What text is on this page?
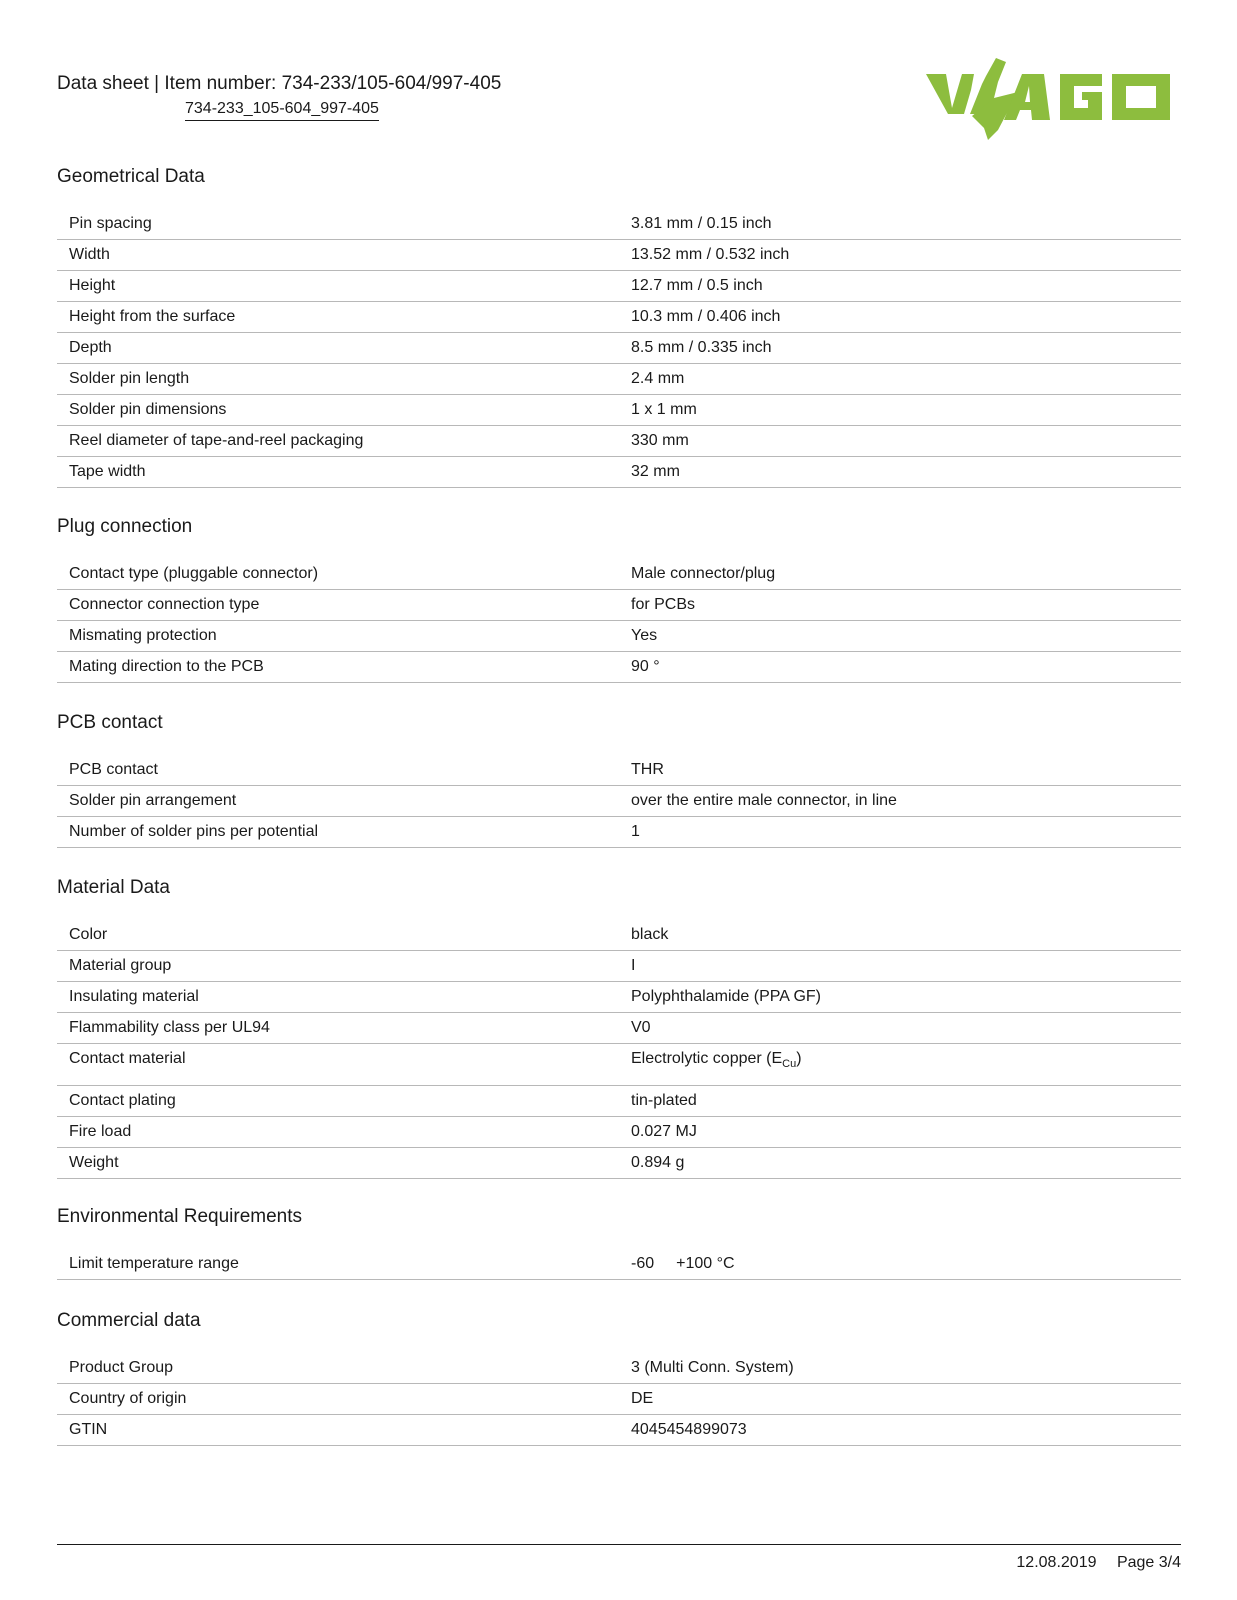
Data sheet | Item number: 734-233/105-604/997-405
734-233_105-604_997-405
Geometrical Data
Pin spacing	3.81 mm / 0.15 inch
Width	13.52 mm / 0.532 inch
Height	12.7 mm / 0.5 inch
Height from the surface	10.3 mm / 0.406 inch
Depth	8.5 mm / 0.335 inch
Solder pin length	2.4 mm
Solder pin dimensions	1 x 1 mm
Reel diameter of tape-and-reel packaging	330 mm
Tape width	32 mm
Plug connection
Contact type (pluggable connector)	Male connector/plug
Connector connection type	for PCBs
Mismating protection	Yes
Mating direction to the PCB	90 °
PCB contact
PCB contact	THR
Solder pin arrangement	over the entire male connector, in line
Number of solder pins per potential	1
Material Data
Color	black
Material group	I
Insulating material	Polyphthalamide (PPA GF)
Flammability class per UL94	V0
Contact material	Electrolytic copper $(E_{Cu})$
Contact plating	tin-plated
Fire load	0.027 MJ
Weight	0.894 g
Environmental Requirements
Limit temperature range	-60 +100 °C
Commercial data
Product Group	3 (Multi Conn. System)
Country of origin	DE
GTIN	4045454899073
12.08.2019 Page 3/4
